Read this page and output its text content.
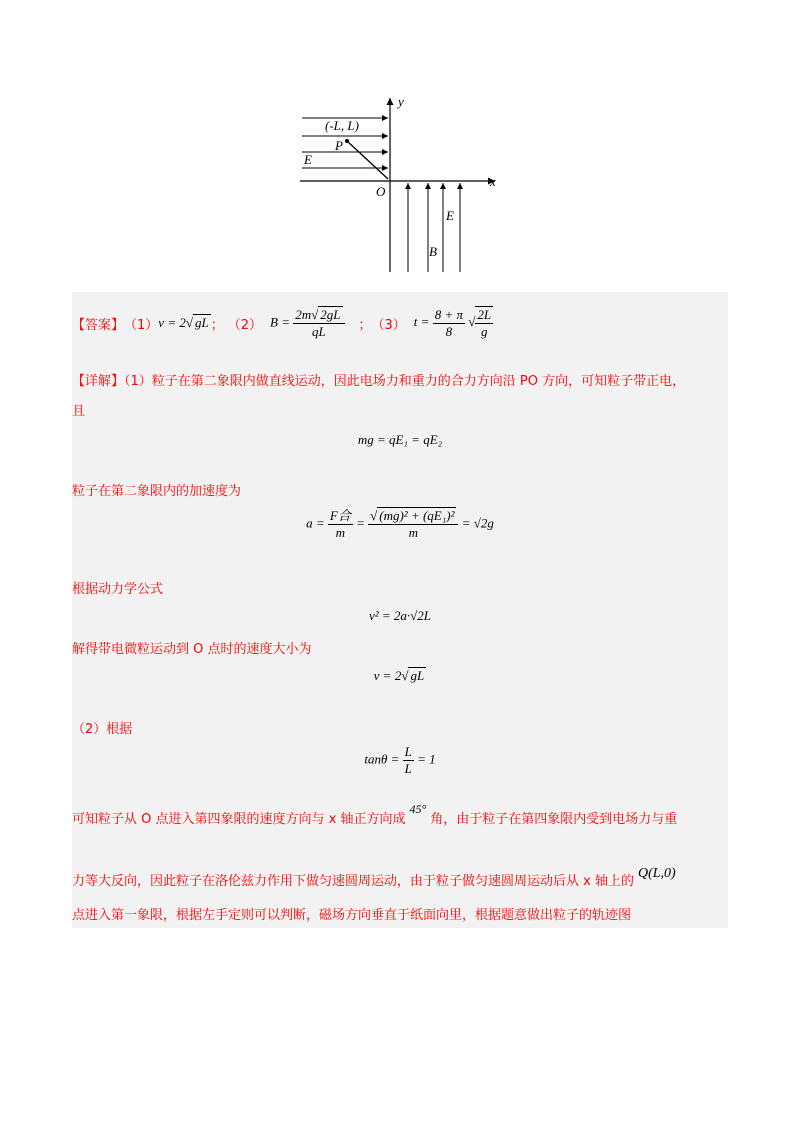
y
x
(-L, L)
P
O
E
E
B
【答案】 （1） v = 2√ gL ； （2） $B = \frac{2m√ 2gL}{qL}$ ； （3） $t = \frac{8 + \pi}{8}$ √ $\frac{2L}{g}$
【详解】（1）粒子在第二象限内做直线运动，因此电场力和重力的合力方向沿 PO 方向，可知粒子带正电，
且
mg = qE₁ = qE₂
粒子在第二象限内的加速度为
$a = \frac{\text{F合}}{m} = \frac{\text{√ (mg)² + (qE₁)²}}{m} = √2g$
根据动力学公式
v² = 2a·√2L
解得带电微粒运动到 O 点时的速度大小为
v = 2√ gL
（2）根据
$\tan\theta = \frac{L}{L} = 1$
可知粒子从 O 点进入第四象限的速度方向与 x 轴正方向成45°角，由于粒子在第四象限内受到电场力与重
力等大反向，因此粒子在洛伦兹力作用下做匀速圆周运动，由于粒子做匀速圆周运动后从 x 轴上的Q(L,0)
点进入第一象限，根据左手定则可以判断，磁场方向垂直于纸面向里，根据题意做出粒子的轨迹图
